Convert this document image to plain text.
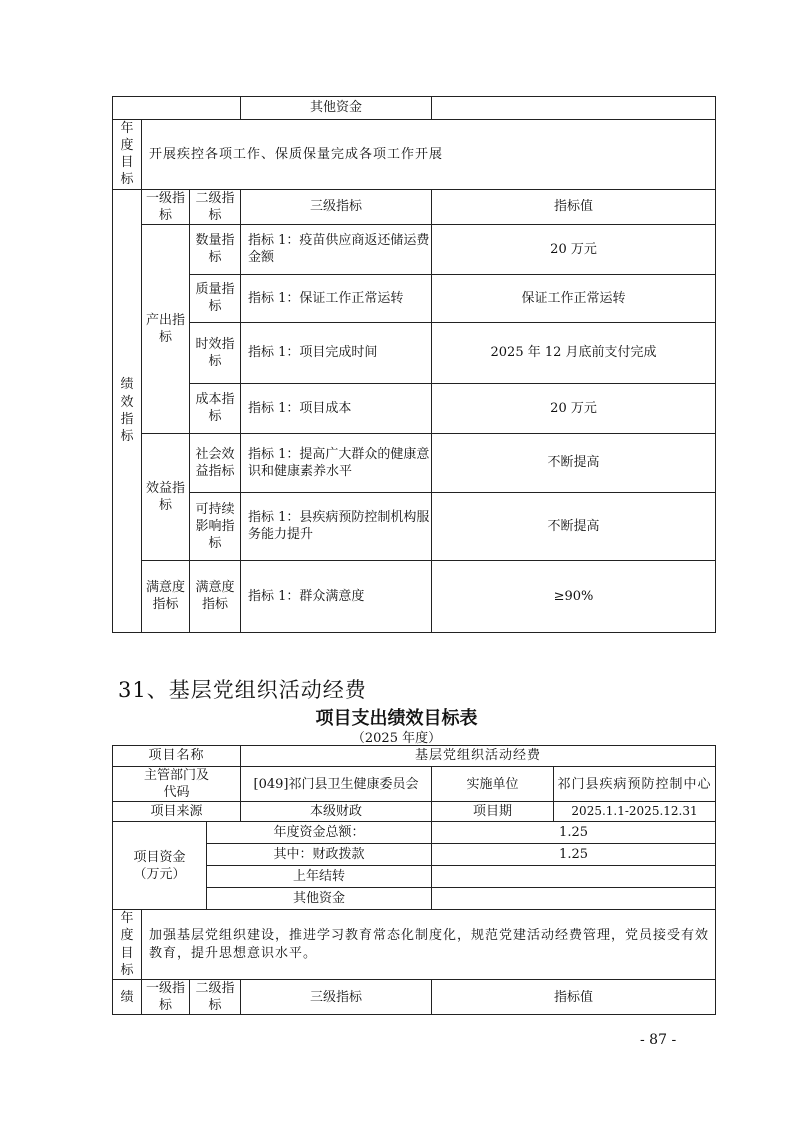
			其他资金	
年度目标	开展疾控各项工作、保质保量完成各项工作开展			
绩效指标	一级指标	二级指标	三级指标	指标值
	产出指标	数量指标	指标 1：疫苗供应商返还储运费金额	20 万元
		质量指标	指标 1：保证工作正常运转	保证工作正常运转
		时效指标	指标 1：项目完成时间	2025 年 12 月底前支付完成
		成本指标	指标 1：项目成本	20 万元
	效益指标	社会效益指标	指标 1：提高广大群众的健康意识和健康素养水平	不断提高
		可持续影响指标	指标 1：县疾病预防控制机构服务能力提升	不断提高
	满意度指标	满意度指标	指标 1：群众满意度	≥90%
31、基层党组织活动经费
项目支出绩效目标表
（2025 年度）
项目名称				基层党组织活动经费		
主管部门及代码				[049]祁门县卫生健康委员会	实施单位	祁门县疾病预防控制中心
项目来源				本级财政	项目期	2025.1.1-2025.12.31
项目资金（万元）			年度资金总额：		1.25	
			其中：财政拨款		1.25	
			上年结转			
			其他资金			
年度目标	加强基层党组织建设，推进学习教育常态化制度化，规范党建活动经费管理，党员接受有效教育，提升思想意识水平。					
绩	一级指标	二级指标		三级指标	指标值	
- 87 -
